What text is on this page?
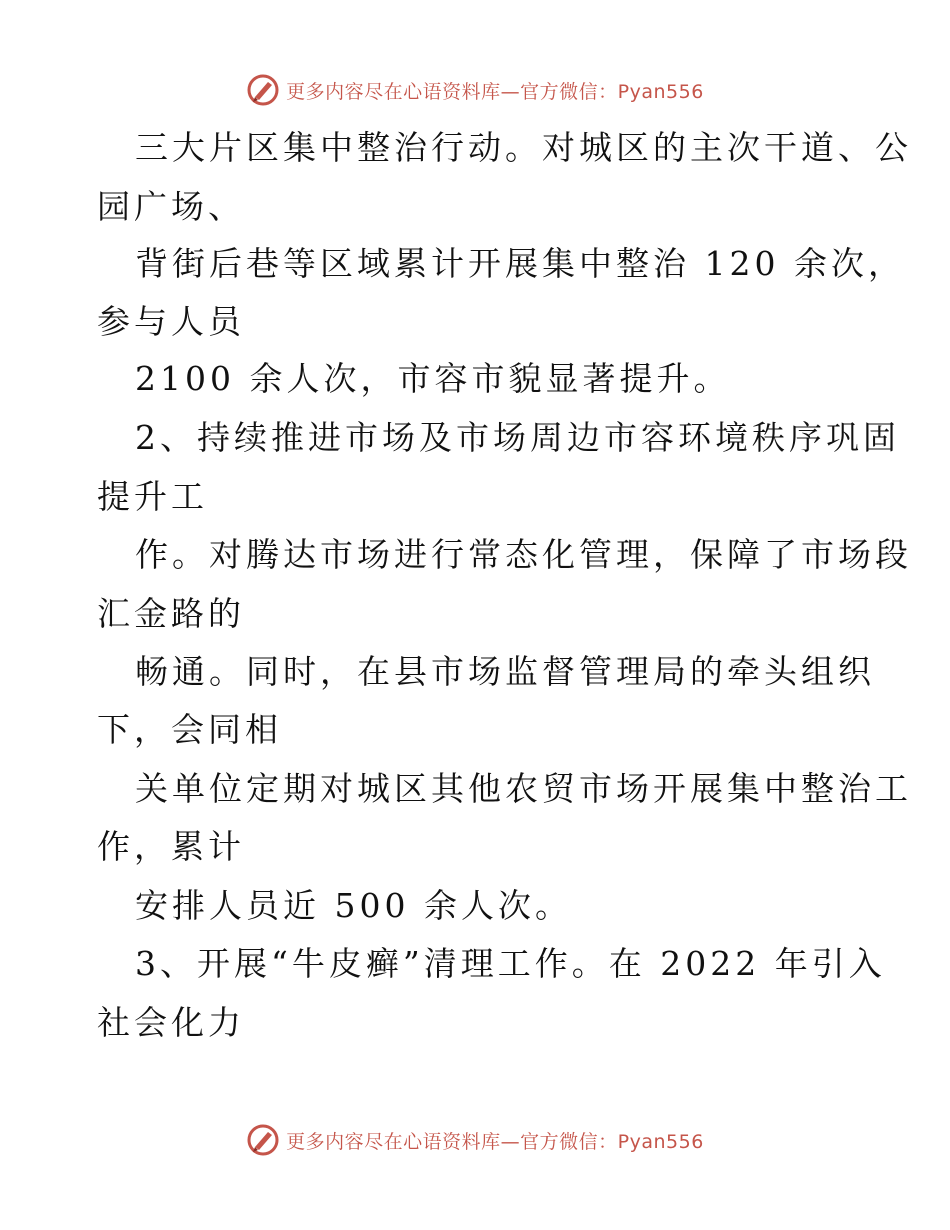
更多内容尽在心语资料库—官方微信：Pyan556
三大片区集中整治行动。对城区的主次干道、公
园广场、
背街后巷等区域累计开展集中整治 120 余次，
参与人员
2100 余人次，市容市貌显著提升。
2、持续推进市场及市场周边市容环境秩序巩固
提升工
作。对腾达市场进行常态化管理，保障了市场段
汇金路的
畅通。同时，在县市场监督管理局的牵头组织
下，会同相
关单位定期对城区其他农贸市场开展集中整治工
作，累计
安排人员近 500 余人次。
3、开展“牛皮癣”清理工作。在 2022 年引入
社会化力
更多内容尽在心语资料库—官方微信：Pyan556
